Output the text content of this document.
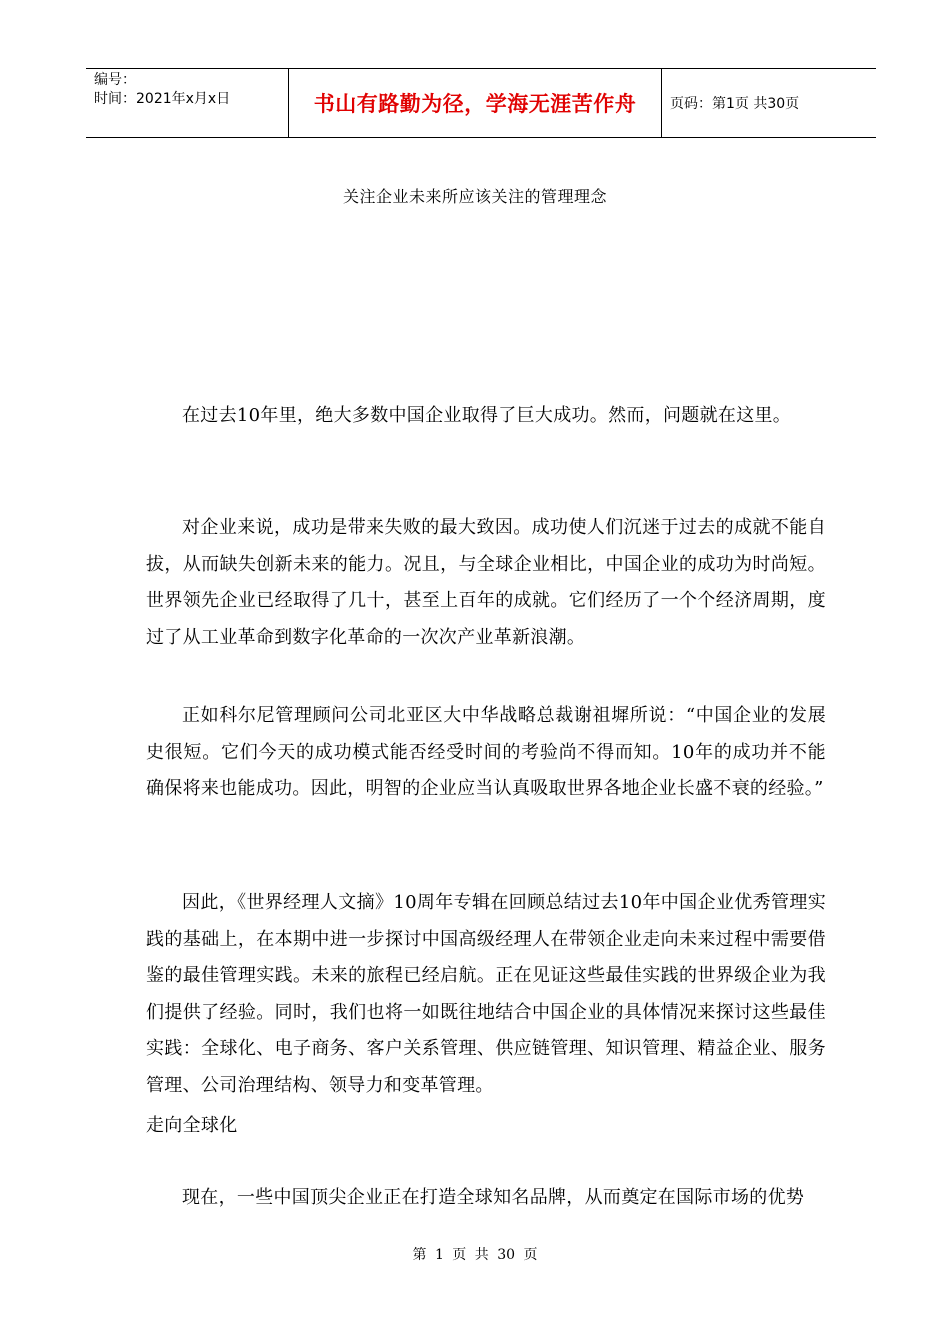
编号：
时间：2021年x月x日	书山有路勤为径，学海无涯苦作舟 页码：第1页 共30页
关注企业未来所应该关注的管理理念

在过去10年里，绝大多数中国企业取得了巨大成功。然而，问题就在这里。

对企业来说，成功是带来失败的最大致因。成功使人们沉迷于过去的成就不能自拔，从而缺失创新未来的能力。况且，与全球企业相比，中国企业的成功为时尚短。世界领先企业已经取得了几十，甚至上百年的成就。它们经历了一个个经济周期，度过了从工业革命到数字化革命的一次次产业革新浪潮。

正如科尔尼管理顾问公司北亚区大中华战略总裁谢祖墀所说：“中国企业的发展史很短。它们今天的成功模式能否经受时间的考验尚不得而知。10年的成功并不能确保将来也能成功。因此，明智的企业应当认真吸取世界各地企业长盛不衰的经验。”

因此，《世界经理人文摘》10周年专辑在回顾总结过去10年中国企业优秀管理实践的基础上，在本期中进一步探讨中国高级经理人在带领企业走向未来过程中需要借鉴的最佳管理实践。未来的旅程已经启航。正在见证这些最佳实践的世界级企业为我们提供了经验。同时，我们也将一如既往地结合中国企业的具体情况来探讨这些最佳实践：全球化、电子商务、客户关系管理、供应链管理、知识管理、精益企业、服务管理、公司治理结构、领导力和变革管理。

走向全球化

现在，一些中国顶尖企业正在打造全球知名品牌，从而奠定在国际市场的优势

第 1 页 共 30 页
